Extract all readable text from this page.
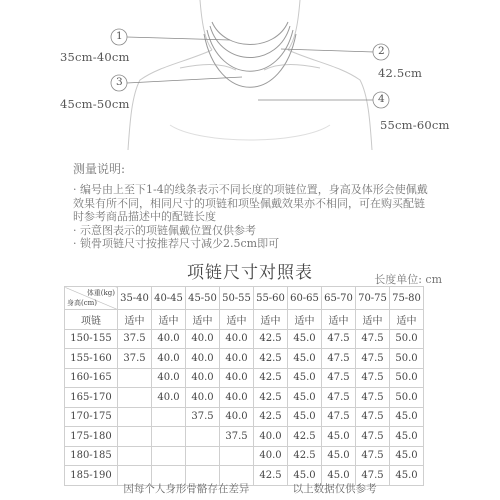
1
2
3
4
35cm-40cm
42.5cm
45cm-50cm
55cm-60cm
测量说明:

· 编号由上至下1-4的线条表示不同长度的项链位置，身高及体形会使佩戴

效果有所不同，相同尺寸的项链和项坠佩戴效果亦不相同，可在购买配链

时参考商品描述中的配链长度

· 示意图表示的项链佩戴位置仅供参考

· 锁骨项链尺寸按推荐尺寸减少2.5cm即可

项链尺寸对照表	长度单位: cm
体重(kg)
身高(cm)	35-40	40-45	45-50	50-55	55-60	60-65	65-70	70-75	75-80
项链	适中	适中	适中	适中	适中	适中	适中	适中	适中
150-155	37.5	40.0	40.0	40.0	42.5	45.0	47.5	47.5	50.0
155-160	37.5	40.0	40.0	40.0	42.5	45.0	47.5	47.5	50.0
160-165		40.0	40.0	40.0	42.5	45.0	47.5	47.5	50.0
165-170		40.0	40.0	40.0	42.5	45.0	47.5	47.5	50.0
170-175			37.5	40.0	42.5	45.0	47.5	47.5	45.0
175-180				37.5	40.0	42.5	45.0	47.5	45.0
180-185					40.0	42.5	45.0	47.5	45.0
185-190					42.5	45.0	45.0	47.5	45.0
因每个人身形骨骼存在差异	以上数据仅供参考
